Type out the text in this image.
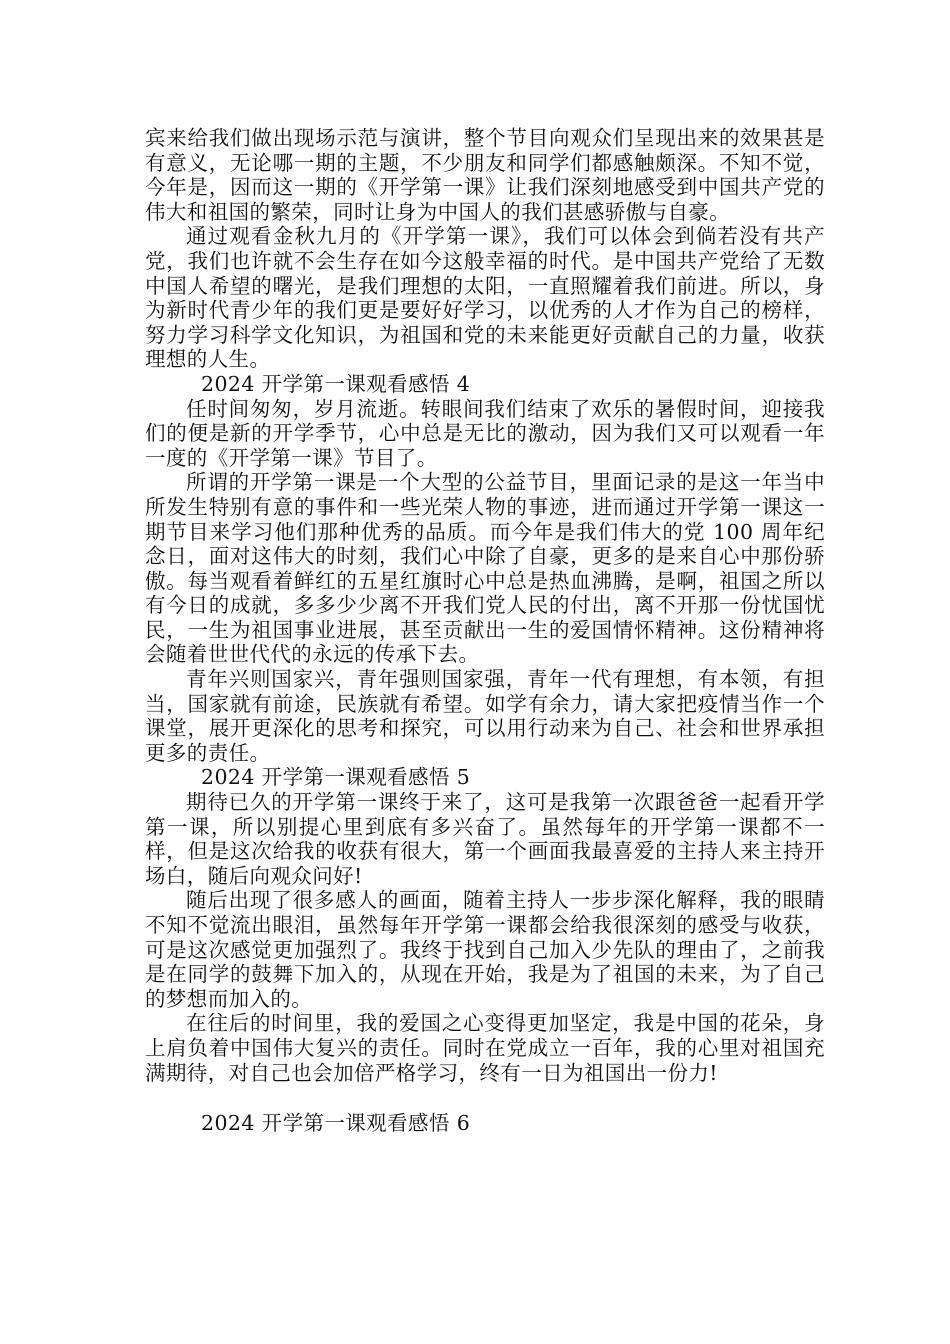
宾来给我们做出现场示范与演讲，整个节目向观众们呈现出来的效果甚是有意义，无论哪一期的主题，不少朋友和同学们都感触颇深。不知不觉，今年是，因而这一期的《开学第一课》让我们深刻地感受到中国共产党的伟大和祖国的繁荣，同时让身为中国人的我们甚感骄傲与自豪。

通过观看金秋九月的《开学第一课》，我们可以体会到倘若没有共产党，我们也许就不会生存在如今这般幸福的时代。是中国共产党给了无数中国人希望的曙光，是我们理想的太阳，一直照耀着我们前进。所以，身为新时代青少年的我们更是要好好学习，以优秀的人才作为自己的榜样，努力学习科学文化知识，为祖国和党的未来能更好贡献自己的力量，收获理想的人生。

2024 开学第一课观看感悟 4

任时间匆匆，岁月流逝。转眼间我们结束了欢乐的暑假时间，迎接我们的便是新的开学季节，心中总是无比的激动，因为我们又可以观看一年一度的《开学第一课》节目了。

所谓的开学第一课是一个大型的公益节目，里面记录的是这一年当中所发生特别有意的事件和一些光荣人物的事迹，进而通过开学第一课这一期节目来学习他们那种优秀的品质。而今年是我们伟大的党 100 周年纪念日，面对这伟大的时刻，我们心中除了自豪，更多的是来自心中那份骄傲。每当观看着鲜红的五星红旗时心中总是热血沸腾，是啊，祖国之所以有今日的成就，多多少少离不开我们党人民的付出，离不开那一份忧国忧民，一生为祖国事业进展，甚至贡献出一生的爱国情怀精神。这份精神将会随着世世代代的永远的传承下去。

青年兴则国家兴，青年强则国家强，青年一代有理想，有本领，有担当，国家就有前途，民族就有希望。如学有余力，请大家把疫情当作一个课堂，展开更深化的思考和探究，可以用行动来为自己、社会和世界承担更多的责任。

2024 开学第一课观看感悟 5

期待已久的开学第一课终于来了，这可是我第一次跟爸爸一起看开学第一课，所以别提心里到底有多兴奋了。虽然每年的开学第一课都不一样，但是这次给我的收获有很大，第一个画面我最喜爱的主持人来主持开场白，随后向观众问好!

随后出现了很多感人的画面，随着主持人一步步深化解释，我的眼睛不知不觉流出眼泪，虽然每年开学第一课都会给我很深刻的感受与收获，可是这次感觉更加强烈了。我终于找到自己加入少先队的理由了，之前我是在同学的鼓舞下加入的，从现在开始，我是为了祖国的未来，为了自己的梦想而加入的。

在往后的时间里，我的爱国之心变得更加坚定，我是中国的花朵，身上肩负着中国伟大复兴的责任。同时在党成立一百年，我的心里对祖国充满期待，对自己也会加倍严格学习，终有一日为祖国出一份力!

2024 开学第一课观看感悟 6
